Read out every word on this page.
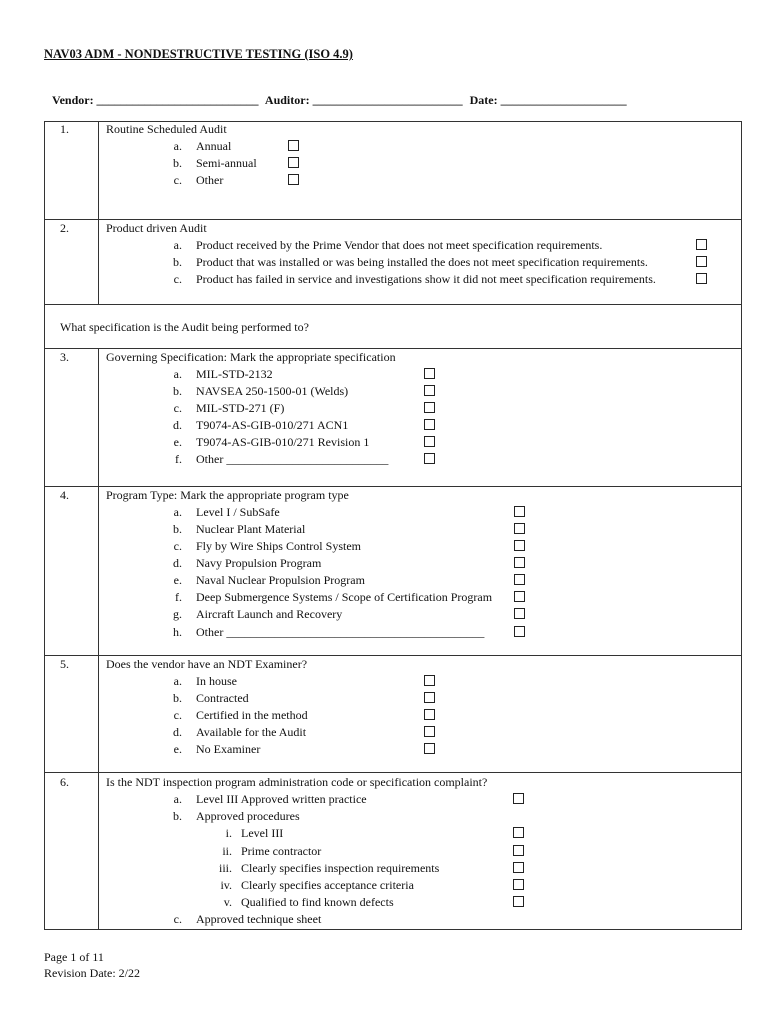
NAV03 ADM - NONDESTRUCTIVE TESTING (ISO 4.9)
Vendor: ___________________________ Auditor: _________________________ Date: _____________________
1.	Routine Scheduled Audit
a. Annual
b. Semi-annual
c. Other
2.	Product driven Audit
a. Product received by the Prime Vendor that does not meet specification requirements.
b. Product that was installed or was being installed the does not meet specification requirements.
c. Product has failed in service and investigations show it did not meet specification requirements.
What specification is the Audit being performed to?
3.	Governing Specification: Mark the appropriate specification
a. MIL-STD-2132
b. NAVSEA 250-1500-01 (Welds)
c. MIL-STD-271 (F)
d. T9074-AS-GIB-010/271 ACN1
e. T9074-AS-GIB-010/271 Revision 1
f. Other ___________________________
4.	Program Type: Mark the appropriate program type
a. Level I / SubSafe
b. Nuclear Plant Material
c. Fly by Wire Ships Control System
d. Navy Propulsion Program
e. Naval Nuclear Propulsion Program
f. Deep Submergence Systems / Scope of Certification Program
g. Aircraft Launch and Recovery
h. Other ___________________________________________
5.	Does the vendor have an NDT Examiner?
a. In house
b. Contracted
c. Certified in the method
d. Available for the Audit
e. No Examiner
6.	Is the NDT inspection program administration code or specification complaint?
a. Level III Approved written practice
b. Approved procedures
i. Level III
ii. Prime contractor
iii. Clearly specifies inspection requirements
iv. Clearly specifies acceptance criteria
v. Qualified to find known defects
c. Approved technique sheet
Page 1 of 11
Revision Date: 2/22
